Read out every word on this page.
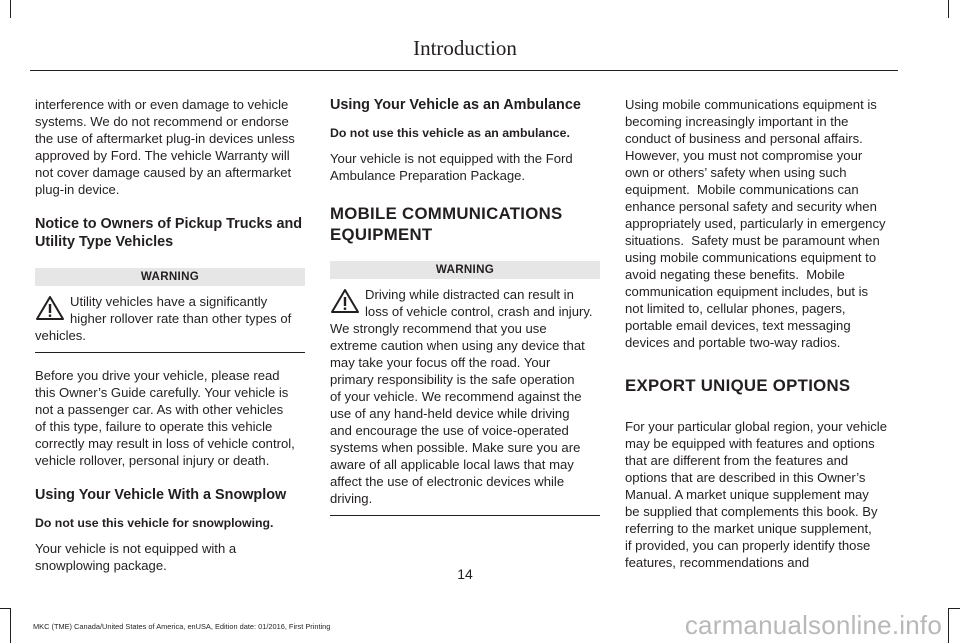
Introduction

interference with or even damage to vehicle
systems. We do not recommend or endorse
the use of aftermarket plug-in devices unless
approved by Ford. The vehicle Warranty will
not cover damage caused by an aftermarket
plug-in device.

Notice to Owners of Pickup Trucks and
Utility Type Vehicles

WARNING

Utility vehicles have a significantly
higher rollover rate than other types of
vehicles.

Before you drive your vehicle, please read
this Owner’s Guide carefully. Your vehicle is
not a passenger car. As with other vehicles
of this type, failure to operate this vehicle
correctly may result in loss of vehicle control,
vehicle rollover, personal injury or death.

Using Your Vehicle With a Snowplow

Do not use this vehicle for snowplowing.

Your vehicle is not equipped with a
snowplowing package.

Using Your Vehicle as an Ambulance

Do not use this vehicle as an ambulance.

Your vehicle is not equipped with the Ford
Ambulance Preparation Package.

MOBILE COMMUNICATIONS
EQUIPMENT

WARNING

Driving while distracted can result in
loss of vehicle control, crash and injury.
We strongly recommend that you use
extreme caution when using any device that
may take your focus off the road. Your
primary responsibility is the safe operation
of your vehicle. We recommend against the
use of any hand-held device while driving
and encourage the use of voice-operated
systems when possible. Make sure you are
aware of all applicable local laws that may
affect the use of electronic devices while
driving.

Using mobile communications equipment is
becoming increasingly important in the
conduct of business and personal affairs.
However, you must not compromise your
own or others’ safety when using such
equipment.  Mobile communications can
enhance personal safety and security when
appropriately used, particularly in emergency
situations.  Safety must be paramount when
using mobile communications equipment to
avoid negating these benefits.  Mobile
communication equipment includes, but is
not limited to, cellular phones, pagers,
portable email devices, text messaging
devices and portable two-way radios.

EXPORT UNIQUE OPTIONS

For your particular global region, your vehicle
may be equipped with features and options
that are different from the features and
options that are described in this Owner’s
Manual. A market unique supplement may
be supplied that complements this book. By
referring to the market unique supplement,
if provided, you can properly identify those
features, recommendations and

14
MKC (TME) Canada/United States of America, enUSA, Edition date: 01/2016, First Printing	carmanualsonline.info
